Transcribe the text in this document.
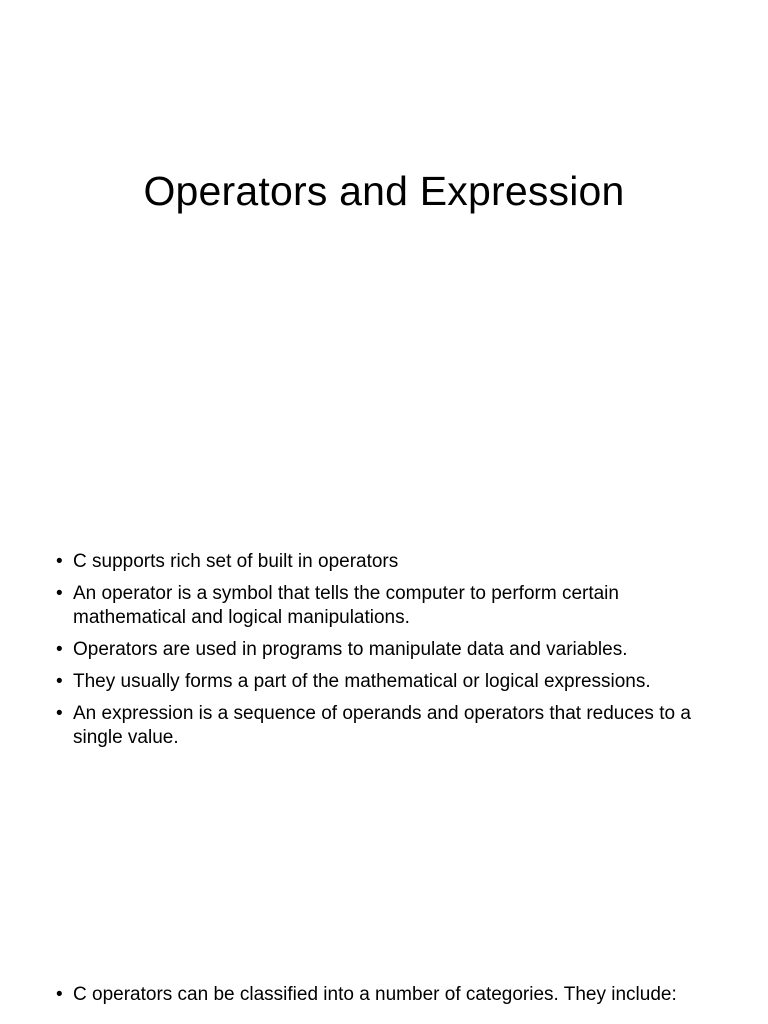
Operators and Expression
• C supports rich set of built in operators
• An operator is a symbol that tells the computer to perform certain mathematical and logical manipulations.
• Operators are used in programs to manipulate data and variables.
• They usually forms a part of the mathematical or logical expressions.
• An expression is a sequence of operands and operators that reduces to a single value.
• C operators can be classified into a number of categories. They include:
